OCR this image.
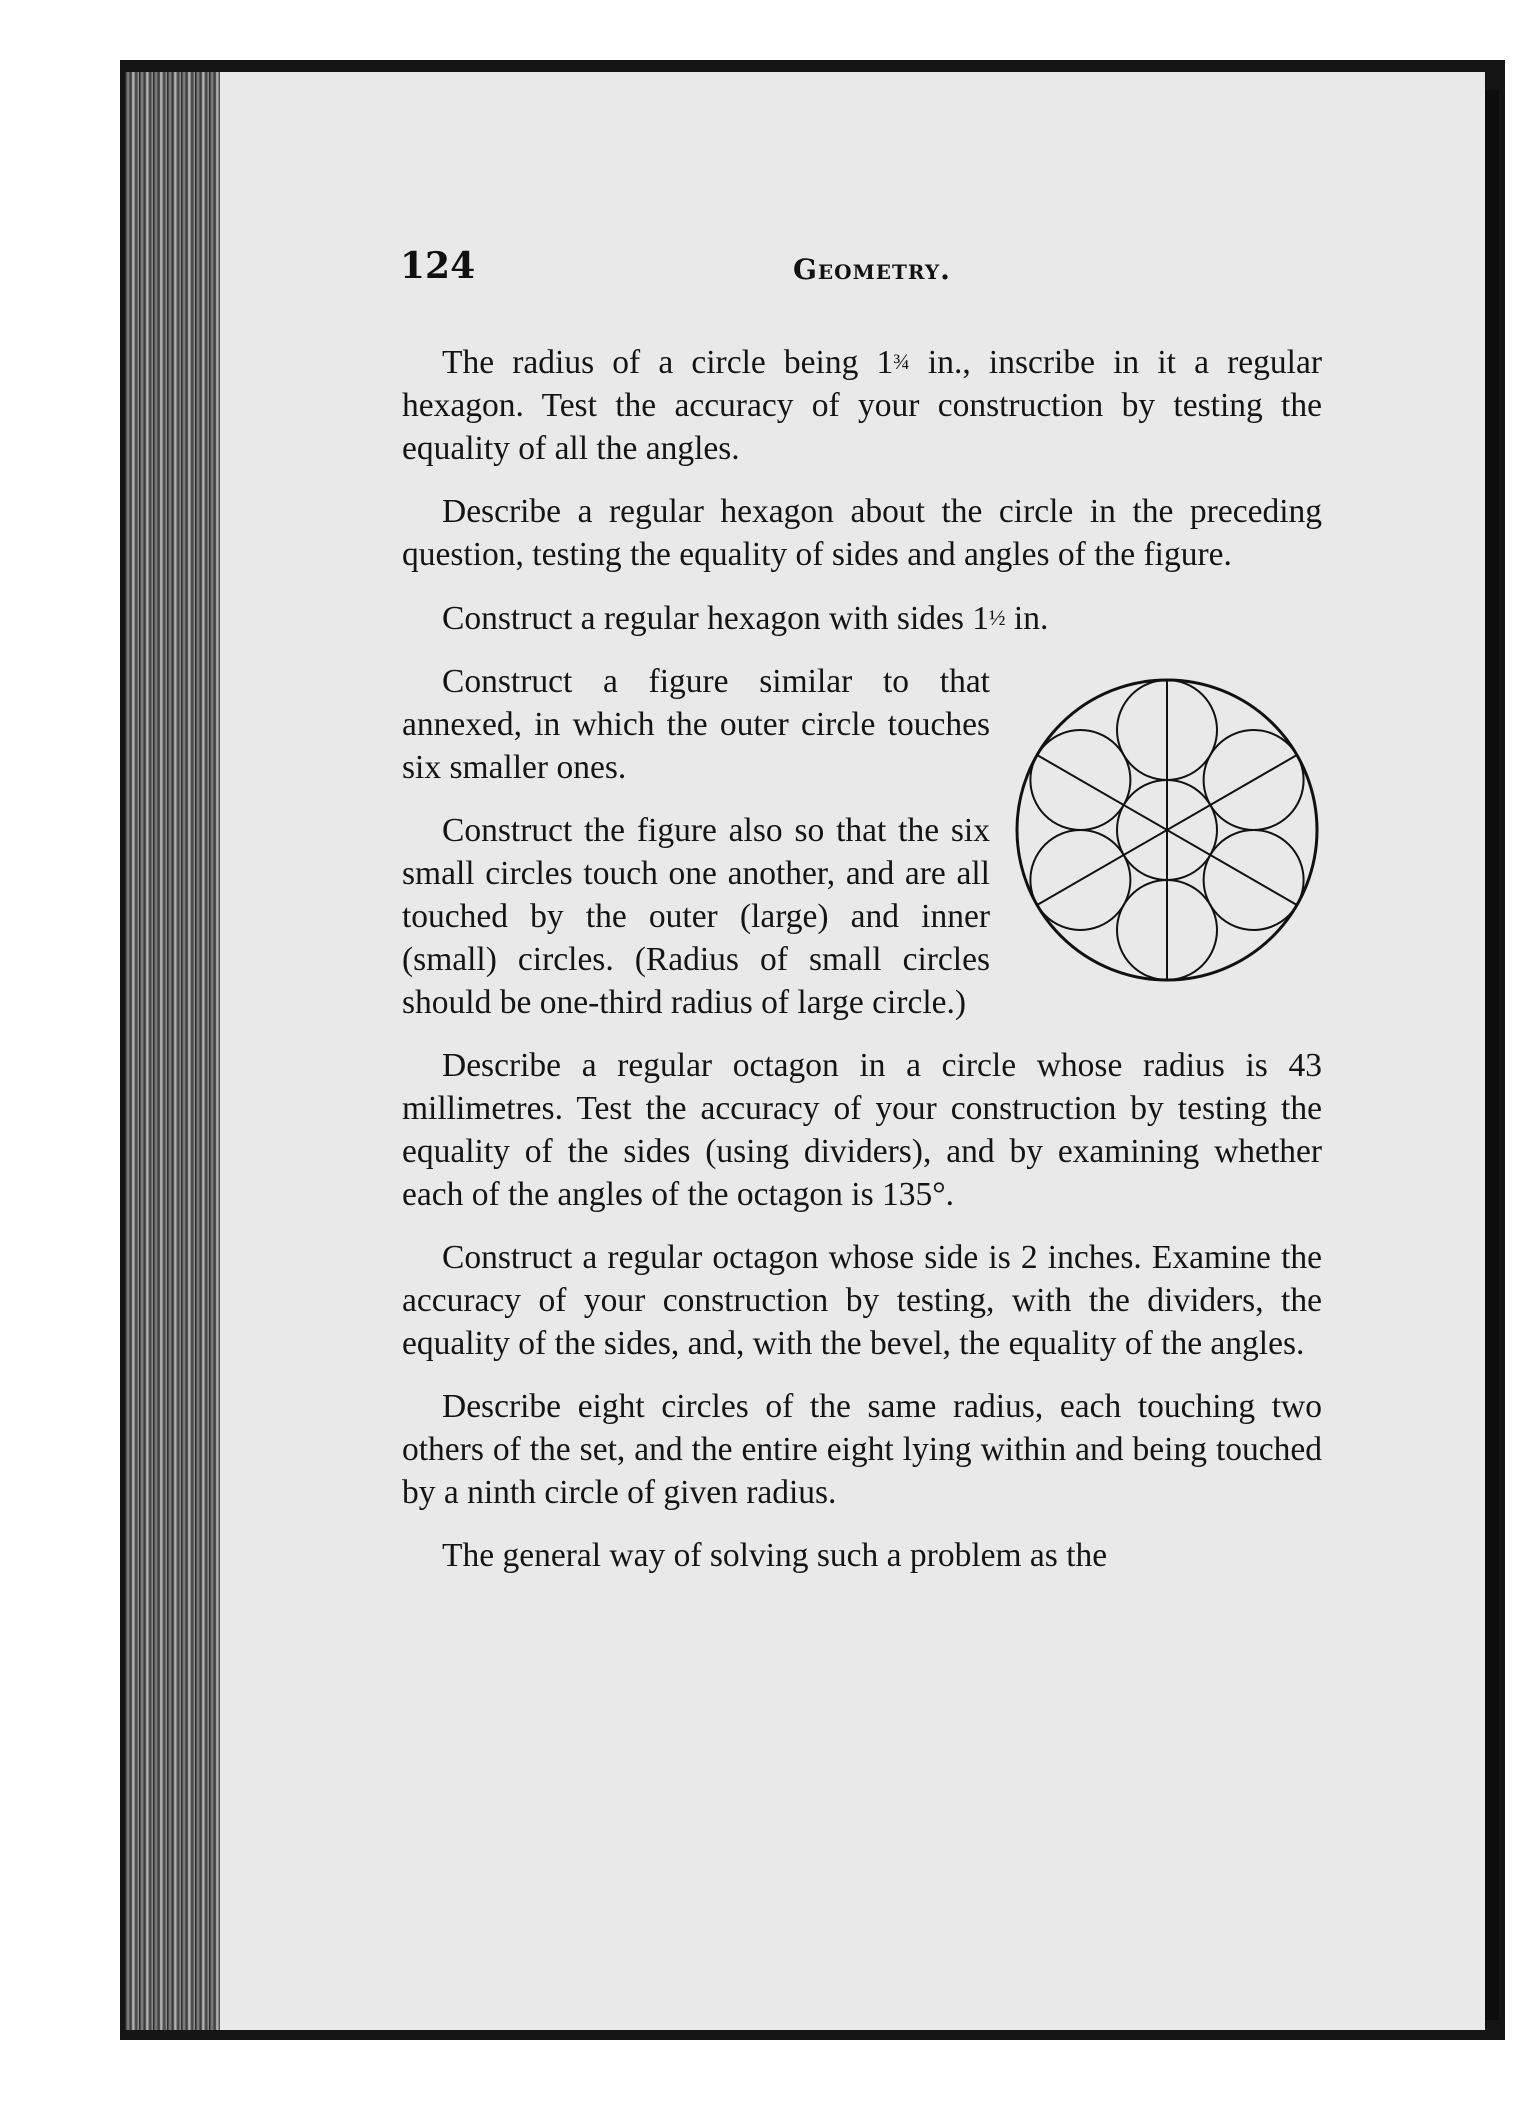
124	Geometry.

The radius of a circle being 1¾ in., inscribe in it a regular hexagon. Test the accuracy of your construction by testing the equality of all the angles.

Describe a regular hexagon about the circle in the preceding question, testing the equality of sides and angles of the figure.

Construct a regular hexagon with sides 1½ in.

Construct a figure similar to that annexed, in which the outer circle touches six smaller ones.

Construct the figure also so that the six small circles touch one another, and are all touched by the outer (large) and inner (small) circles. (Radius of small circles should be one-third radius of large circle.)

Describe a regular octagon in a circle whose radius is 43 millimetres. Test the accuracy of your construction by testing the equality of the sides (using dividers), and by examining whether each of the angles of the octagon is 135°.

Construct a regular octagon whose side is 2 inches. Examine the accuracy of your construction by testing, with the dividers, the equality of the sides, and, with the bevel, the equality of the angles.

Describe eight circles of the same radius, each touching two others of the set, and the entire eight lying within and being touched by a ninth circle of given radius.

The general way of solving such a problem as the
